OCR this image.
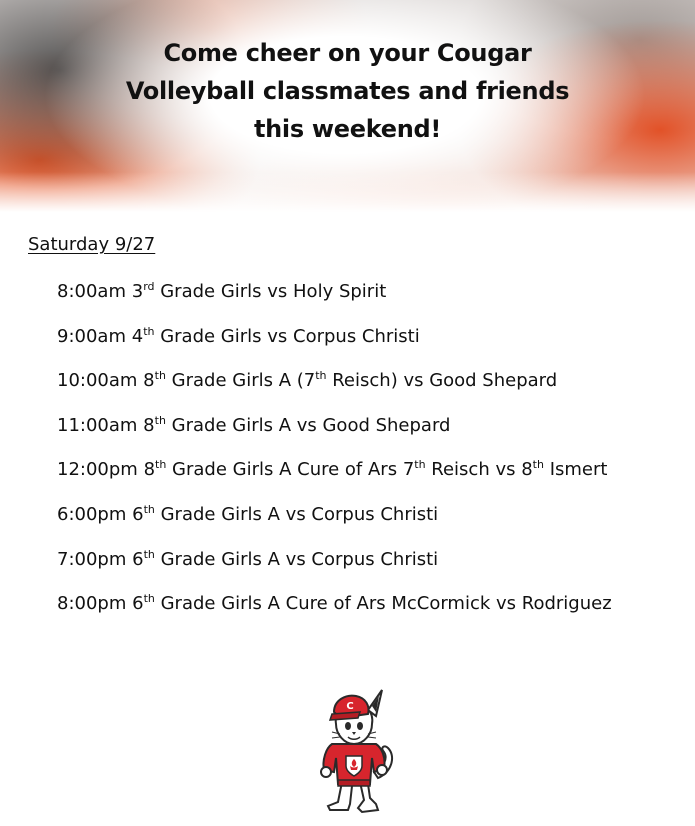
Come cheer on your Cougar
Volleyball classmates and friends
this weekend!
Saturday 9/27
8:00am 3rd Grade Girls vs Holy Spirit
9:00am 4th Grade Girls vs Corpus Christi
10:00am 8th Grade Girls A (7th Reisch) vs Good Shepard
11:00am 8th Grade Girls A vs Good Shepard
12:00pm 8th Grade Girls A Cure of Ars 7th Reisch vs 8th Ismert
6:00pm 6th Grade Girls A vs Corpus Christi
7:00pm 6th Grade Girls A vs Corpus Christi
8:00pm 6th Grade Girls A Cure of Ars McCormick vs Rodriguez
C
